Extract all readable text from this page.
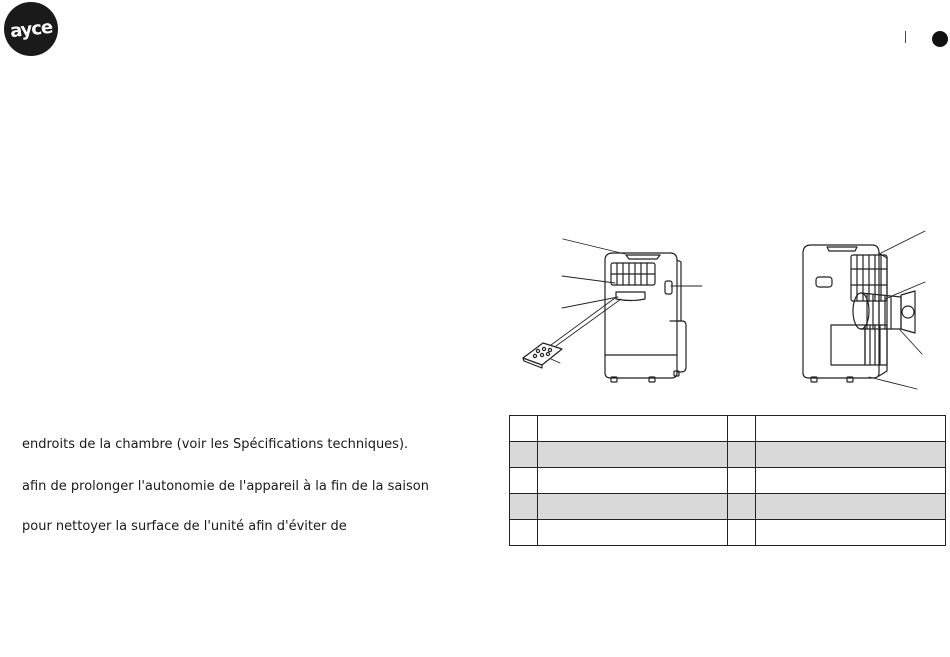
ayce
endroits de la chambre (voir les Spécifications techniques).
afin de prolonger l'autonomie de l'appareil à la fin de la saison
pour nettoyer la surface de l'unité afin d'éviter de
